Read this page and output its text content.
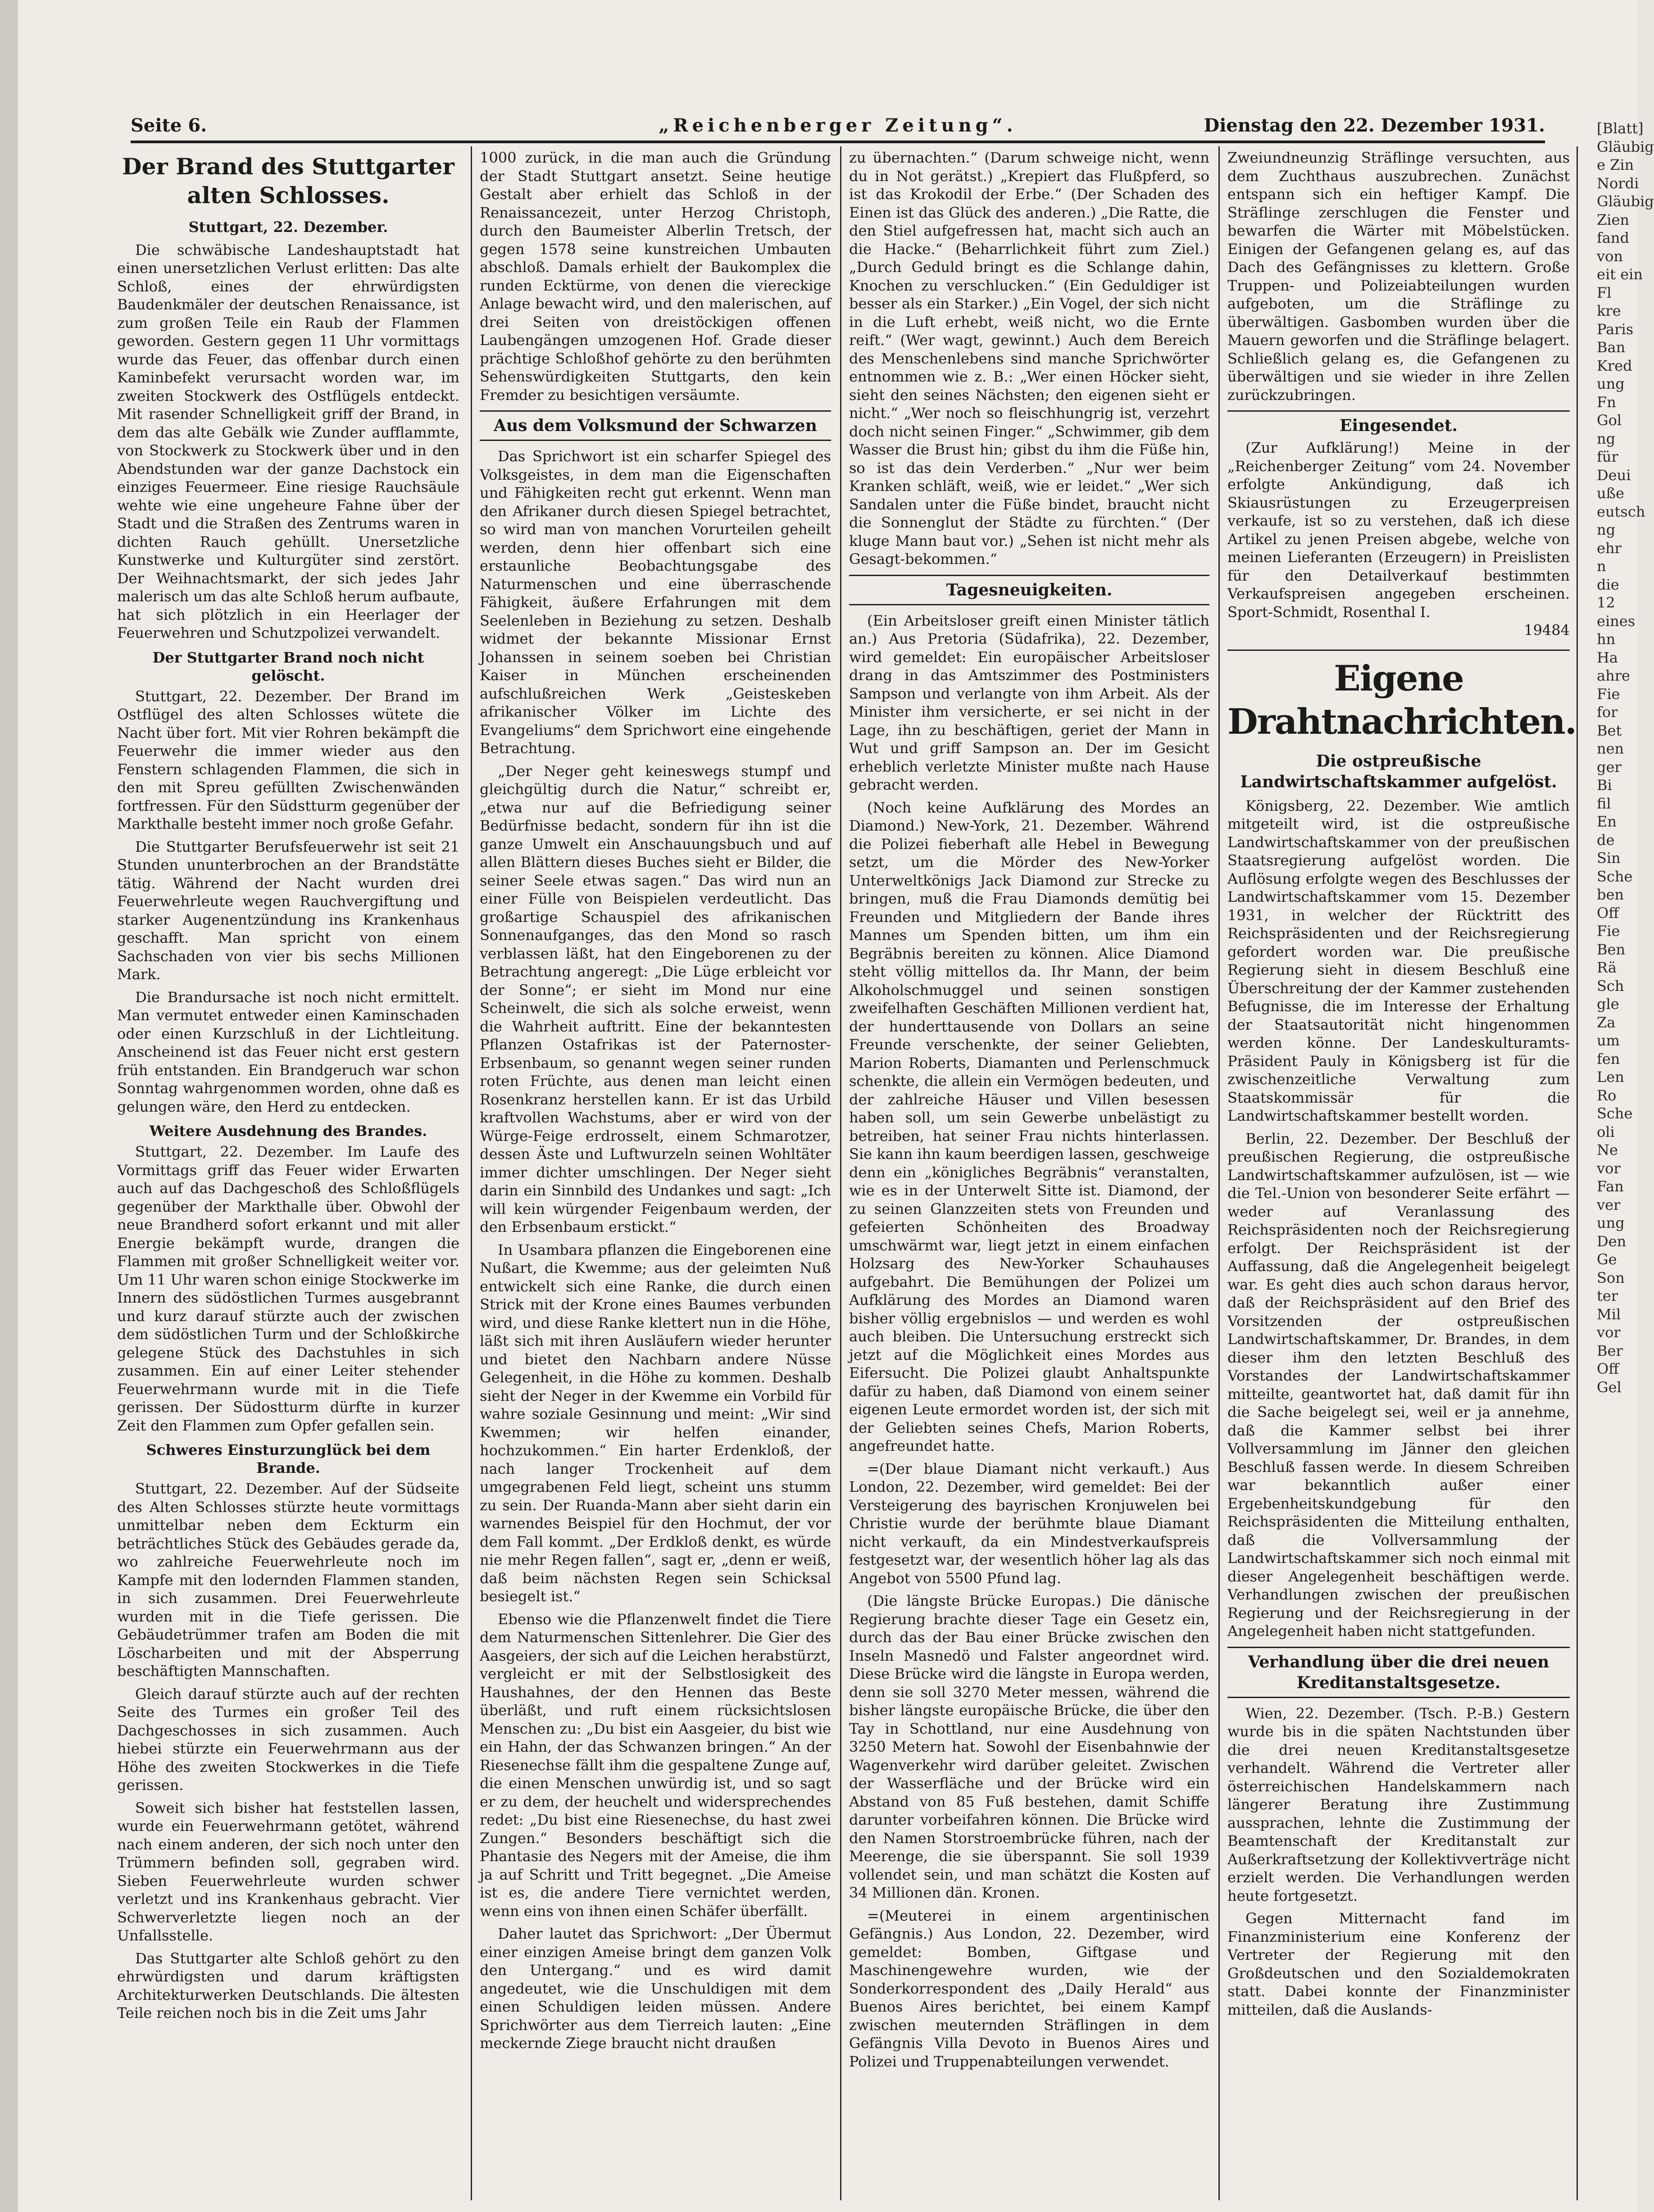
Seite 6.	„Reichenberger Zeitung“.	Dienstag den 22. Dezember 1931.
Der Brand des Stuttgarter alten Schlosses.

Stuttgart, 22. Dezember.

Die schwäbische Landeshauptstadt hat einen unersetzlichen Verlust erlitten: Das alte Schloß, eines der ehrwürdigsten Baudenkmäler der deutschen Renaissance, ist zum großen Teile ein Raub der Flammen geworden. Gestern gegen 11 Uhr vormittags wurde das Feuer, das offenbar durch einen Kaminbefekt verursacht worden war, im zweiten Stockwerk des Ostflügels entdeckt. Mit rasender Schnelligkeit griff der Brand, in dem das alte Gebälk wie Zunder aufflammte, von Stockwerk zu Stockwerk über und in den Abendstunden war der ganze Dachstock ein einziges Feuermeer. Eine riesige Rauchsäule wehte wie eine ungeheure Fahne über der Stadt und die Straßen des Zentrums waren in dichten Rauch gehüllt. Unersetzliche Kunstwerke und Kulturgüter sind zerstört. Der Weihnachtsmarkt, der sich jedes Jahr malerisch um das alte Schloß herum aufbaute, hat sich plötzlich in ein Heerlager der Feuerwehren und Schutzpolizei verwandelt.

Der Stuttgarter Brand noch nicht gelöscht.

Stuttgart, 22. Dezember. Der Brand im Ostflügel des alten Schlosses wütete die Nacht über fort. Mit vier Rohren bekämpft die Feuerwehr die immer wieder aus den Fenstern schlagenden Flammen, die sich in den mit Spreu gefüllten Zwischenwänden fortfressen. Für den Südstturm gegenüber der Markthalle besteht immer noch große Gefahr.

Die Stuttgarter Berufsfeuerwehr ist seit 21 Stunden ununterbrochen an der Brandstätte tätig. Während der Nacht wurden drei Feuerwehrleute wegen Rauchvergiftung und starker Augenentzündung ins Krankenhaus geschafft. Man spricht von einem Sachschaden von vier bis sechs Millionen Mark.

Die Brandursache ist noch nicht ermittelt. Man vermutet entweder einen Kaminschaden oder einen Kurzschluß in der Lichtleitung. Anscheinend ist das Feuer nicht erst gestern früh entstanden. Ein Brandgeruch war schon Sonntag wahrgenommen worden, ohne daß es gelungen wäre, den Herd zu entdecken.

Weitere Ausdehnung des Brandes.

Stuttgart, 22. Dezember. Im Laufe des Vormittags griff das Feuer wider Erwarten auch auf das Dachgeschoß des Schloßflügels gegenüber der Markthalle über. Obwohl der neue Brandherd sofort erkannt und mit aller Energie bekämpft wurde, drangen die Flammen mit großer Schnelligkeit weiter vor. Um 11 Uhr waren schon einige Stockwerke im Innern des südöstlichen Turmes ausgebrannt und kurz darauf stürzte auch der zwischen dem südöstlichen Turm und der Schloßkirche gelegene Stück des Dachstuhles in sich zusammen. Ein auf einer Leiter stehender Feuerwehrmann wurde mit in die Tiefe gerissen. Der Südostturm dürfte in kurzer Zeit den Flammen zum Opfer gefallen sein.

Schweres Einsturzunglück bei dem Brande.

Stuttgart, 22. Dezember. Auf der Südseite des Alten Schlosses stürzte heute vormittags unmittelbar neben dem Eckturm ein beträchtliches Stück des Gebäudes gerade da, wo zahlreiche Feuerwehrleute noch im Kampfe mit den lodernden Flammen standen, in sich zusammen. Drei Feuerwehrleute wurden mit in die Tiefe gerissen. Die Gebäudetrümmer trafen am Boden die mit Löscharbeiten und mit der Absperrung beschäftigten Mannschaften.

Gleich darauf stürzte auch auf der rechten Seite des Turmes ein großer Teil des Dachgeschosses in sich zusammen. Auch hiebei stürzte ein Feuerwehrmann aus der Höhe des zweiten Stockwerkes in die Tiefe gerissen.

Soweit sich bisher hat feststellen lassen, wurde ein Feuerwehrmann getötet, während nach einem anderen, der sich noch unter den Trümmern befinden soll, gegraben wird. Sieben Feuerwehrleute wurden schwer verletzt und ins Krankenhaus gebracht. Vier Schwerverletzte liegen noch an der Unfallsstelle.

Das Stuttgarter alte Schloß gehört zu den ehrwürdigsten und darum kräftigsten Architekturwerken Deutschlands. Die ältesten Teile reichen noch bis in die Zeit ums Jahr

1000 zurück, in die man auch die Gründung der Stadt Stuttgart ansetzt. Seine heutige Gestalt aber erhielt das Schloß in der Renaissancezeit, unter Herzog Christoph, durch den Baumeister Alberlin Tretsch, der gegen 1578 seine kunstreichen Umbauten abschloß. Damals erhielt der Baukomplex die runden Ecktürme, von denen die viereckige Anlage bewacht wird, und den malerischen, auf drei Seiten von dreistöckigen offenen Laubengängen umzogenen Hof. Grade dieser prächtige Schloßhof gehörte zu den berühmten Sehenswürdigkeiten Stuttgarts, den kein Fremder zu besichtigen versäumte.

Aus dem Volksmund der Schwarzen

Das Sprichwort ist ein scharfer Spiegel des Volksgeistes, in dem man die Eigenschaften und Fähigkeiten recht gut erkennt. Wenn man den Afrikaner durch diesen Spiegel betrachtet, so wird man von manchen Vorurteilen geheilt werden, denn hier offenbart sich eine erstaunliche Beobachtungsgabe des Naturmenschen und eine überraschende Fähigkeit, äußere Erfahrungen mit dem Seelenleben in Beziehung zu setzen. Deshalb widmet der bekannte Missionar Ernst Johanssen in seinem soeben bei Christian Kaiser in München erscheinenden aufschlußreichen Werk „Geisteskeben afrikanischer Völker im Lichte des Evangeliums“ dem Sprichwort eine eingehende Betrachtung.

„Der Neger geht keineswegs stumpf und gleichgültig durch die Natur,“ schreibt er, „etwa nur auf die Befriedigung seiner Bedürfnisse bedacht, sondern für ihn ist die ganze Umwelt ein Anschauungsbuch und auf allen Blättern dieses Buches sieht er Bilder, die seiner Seele etwas sagen.“ Das wird nun an einer Fülle von Beispielen verdeutlicht. Das großartige Schauspiel des afrikanischen Sonnenaufganges, das den Mond so rasch verblassen läßt, hat den Eingeborenen zu der Betrachtung angeregt: „Die Lüge erbleicht vor der Sonne“; er sieht im Mond nur eine Scheinwelt, die sich als solche erweist, wenn die Wahrheit auftritt. Eine der bekanntesten Pflanzen Ostafrikas ist der Paternoster-Erbsenbaum, so genannt wegen seiner runden roten Früchte, aus denen man leicht einen Rosenkranz herstellen kann. Er ist das Urbild kraftvollen Wachstums, aber er wird von der Würge-Feige erdrosselt, einem Schmarotzer, dessen Äste und Luftwurzeln seinen Wohltäter immer dichter umschlingen. Der Neger sieht darin ein Sinnbild des Undankes und sagt: „Ich will kein würgender Feigenbaum werden, der den Erbsenbaum erstickt.“

In Usambara pflanzen die Eingeborenen eine Nußart, die Kwemme; aus der geleimten Nuß entwickelt sich eine Ranke, die durch einen Strick mit der Krone eines Baumes verbunden wird, und diese Ranke klettert nun in die Höhe, läßt sich mit ihren Ausläufern wieder herunter und bietet den Nachbarn andere Nüsse Gelegenheit, in die Höhe zu kommen. Deshalb sieht der Neger in der Kwemme ein Vorbild für wahre soziale Gesinnung und meint: „Wir sind Kwemmen; wir helfen einander, hochzukommen.“ Ein harter Erdenkloß, der nach langer Trockenheit auf dem umgegrabenen Feld liegt, scheint uns stumm zu sein. Der Ruanda-Mann aber sieht darin ein warnendes Beispiel für den Hochmut, der vor dem Fall kommt. „Der Erdkloß denkt, es würde nie mehr Regen fallen“, sagt er, „denn er weiß, daß beim nächsten Regen sein Schicksal besiegelt ist.“

Ebenso wie die Pflanzenwelt findet die Tiere dem Naturmenschen Sittenlehrer. Die Gier des Aasgeiers, der sich auf die Leichen herabstürzt, vergleicht er mit der Selbstlosigkeit des Haushahnes, der den Hennen das Beste überläßt, und ruft einem rücksichtslosen Menschen zu: „Du bist ein Aasgeier, du bist wie ein Hahn, der das Schwanzen bringen.“ An der Riesenechse fällt ihm die gespaltene Zunge auf, die einen Menschen unwürdig ist, und so sagt er zu dem, der heuchelt und widersprechendes redet: „Du bist eine Riesenechse, du hast zwei Zungen.“ Besonders beschäftigt sich die Phantasie des Negers mit der Ameise, die ihm ja auf Schritt und Tritt begegnet. „Die Ameise ist es, die andere Tiere vernichtet werden, wenn eins von ihnen einen Schäfer überfällt.

Daher lautet das Sprichwort: „Der Übermut einer einzigen Ameise bringt dem ganzen Volk den Untergang.“ und es wird damit angedeutet, wie die Unschuldigen mit dem einen Schuldigen leiden müssen. Andere Sprichwörter aus dem Tierreich lauten: „Eine meckernde Ziege braucht nicht draußen

zu übernachten.“ (Darum schweige nicht, wenn du in Not gerätst.) „Krepiert das Flußpferd, so ist das Krokodil der Erbe.“ (Der Schaden des Einen ist das Glück des anderen.) „Die Ratte, die den Stiel aufgefressen hat, macht sich auch an die Hacke.“ (Beharrlichkeit führt zum Ziel.) „Durch Geduld bringt es die Schlange dahin, Knochen zu verschlucken.“ (Ein Geduldiger ist besser als ein Starker.) „Ein Vogel, der sich nicht in die Luft erhebt, weiß nicht, wo die Ernte reift.“ (Wer wagt, gewinnt.) Auch dem Bereich des Menschenlebens sind manche Sprichwörter entnommen wie z. B.: „Wer einen Höcker sieht, sieht den seines Nächsten; den eigenen sieht er nicht.“ „Wer noch so fleischhungrig ist, verzehrt doch nicht seinen Finger.“ „Schwimmer, gib dem Wasser die Brust hin; gibst du ihm die Füße hin, so ist das dein Verderben.“ „Nur wer beim Kranken schläft, weiß, wie er leidet.“ „Wer sich Sandalen unter die Füße bindet, braucht nicht die Sonnenglut der Städte zu fürchten.“ (Der kluge Mann baut vor.) „Sehen ist nicht mehr als Gesagt-bekommen.“

Tagesneuigkeiten.

(Ein Arbeitsloser greift einen Minister tätlich an.) Aus Pretoria (Südafrika), 22. Dezember, wird gemeldet: Ein europäischer Arbeitsloser drang in das Amtszimmer des Postministers Sampson und verlangte von ihm Arbeit. Als der Minister ihm versicherte, er sei nicht in der Lage, ihn zu beschäftigen, geriet der Mann in Wut und griff Sampson an. Der im Gesicht erheblich verletzte Minister mußte nach Hause gebracht werden.

(Noch keine Aufklärung des Mordes an Diamond.) New-York, 21. Dezember. Während die Polizei fieberhaft alle Hebel in Bewegung setzt, um die Mörder des New-Yorker Unterweltkönigs Jack Diamond zur Strecke zu bringen, muß die Frau Diamonds demütig bei Freunden und Mitgliedern der Bande ihres Mannes um Spenden bitten, um ihm ein Begräbnis bereiten zu können. Alice Diamond steht völlig mittellos da. Ihr Mann, der beim Alkoholschmuggel und seinen sonstigen zweifelhaften Geschäften Millionen verdient hat, der hunderttausende von Dollars an seine Freunde verschenkte, der seiner Geliebten, Marion Roberts, Diamanten und Perlenschmuck schenkte, die allein ein Vermögen bedeuten, und der zahlreiche Häuser und Villen besessen haben soll, um sein Gewerbe unbelästigt zu betreiben, hat seiner Frau nichts hinterlassen. Sie kann ihn kaum beerdigen lassen, geschweige denn ein „königliches Begräbnis“ veranstalten, wie es in der Unterwelt Sitte ist. Diamond, der zu seinen Glanzzeiten stets von Freunden und gefeierten Schönheiten des Broadway umschwärmt war, liegt jetzt in einem einfachen Holzsarg des New-Yorker Schauhauses aufgebahrt. Die Bemühungen der Polizei um Aufklärung des Mordes an Diamond waren bisher völlig ergebnislos — und werden es wohl auch bleiben. Die Untersuchung erstreckt sich jetzt auf die Möglichkeit eines Mordes aus Eifersucht. Die Polizei glaubt Anhaltspunkte dafür zu haben, daß Diamond von einem seiner eigenen Leute ermordet worden ist, der sich mit der Geliebten seines Chefs, Marion Roberts, angefreundet hatte.

=(Der blaue Diamant nicht verkauft.) Aus London, 22. Dezember, wird gemeldet: Bei der Versteigerung des bayrischen Kronjuwelen bei Christie wurde der berühmte blaue Diamant nicht verkauft, da ein Mindestverkaufspreis festgesetzt war, der wesentlich höher lag als das Angebot von 5500 Pfund lag.

(Die längste Brücke Europas.) Die dänische Regierung brachte dieser Tage ein Gesetz ein, durch das der Bau einer Brücke zwischen den Inseln Masnedö und Falster angeordnet wird. Diese Brücke wird die längste in Europa werden, denn sie soll 3270 Meter messen, während die bisher längste europäische Brücke, die über den Tay in Schottland, nur eine Ausdehnung von 3250 Metern hat. Sowohl der Eisenbahnwie der Wagenverkehr wird darüber geleitet. Zwischen der Wasserfläche und der Brücke wird ein Abstand von 85 Fuß bestehen, damit Schiffe darunter vorbeifahren können. Die Brücke wird den Namen Storstroembrücke führen, nach der Meerenge, die sie überspannt. Sie soll 1939 vollendet sein, und man schätzt die Kosten auf 34 Millionen dän. Kronen.

=(Meuterei in einem argentinischen Gefängnis.) Aus London, 22. Dezember, wird gemeldet: Bomben, Giftgase und Maschinengewehre wurden, wie der Sonderkorrespondent des „Daily Herald“ aus Buenos Aires berichtet, bei einem Kampf zwischen meuternden Sträflingen in dem Gefängnis Villa Devoto in Buenos Aires und Polizei und Truppenabteilungen verwendet.

Zweiundneunzig Sträflinge versuchten, aus dem Zuchthaus auszubrechen. Zunächst entspann sich ein heftiger Kampf. Die Sträflinge zerschlugen die Fenster und bewarfen die Wärter mit Möbelstücken. Einigen der Gefangenen gelang es, auf das Dach des Gefängnisses zu klettern. Große Truppen- und Polizeiabteilungen wurden aufgeboten, um die Sträflinge zu überwältigen. Gasbomben wurden über die Mauern geworfen und die Sträflinge belagert. Schließlich gelang es, die Gefangenen zu überwältigen und sie wieder in ihre Zellen zurückzubringen.

Eingesendet.

(Zur Aufklärung!) Meine in der „Reichenberger Zeitung“ vom 24. November erfolgte Ankündigung, daß ich Skiausrüstungen zu Erzeugerpreisen verkaufe, ist so zu verstehen, daß ich diese Artikel zu jenen Preisen abgebe, welche von meinen Lieferanten (Erzeugern) in Preislisten für den Detailverkauf bestimmten Verkaufspreisen angegeben erscheinen. Sport-Schmidt, Rosenthal I.

19484
Eigene Drahtnachrichten.
Die ostpreußische Landwirtschaftskammer aufgelöst.

Königsberg, 22. Dezember. Wie amtlich mitgeteilt wird, ist die ostpreußische Landwirtschaftskammer von der preußischen Staatsregierung aufgelöst worden. Die Auflösung erfolgte wegen des Beschlusses der Landwirtschaftskammer vom 15. Dezember 1931, in welcher der Rücktritt des Reichspräsidenten und der Reichsregierung gefordert worden war. Die preußische Regierung sieht in diesem Beschluß eine Überschreitung der der Kammer zustehenden Befugnisse, die im Interesse der Erhaltung der Staatsautorität nicht hingenommen werden könne. Der Landeskulturamts-Präsident Pauly in Königsberg ist für die zwischenzeitliche Verwaltung zum Staatskommissär für die Landwirtschaftskammer bestellt worden.

Berlin, 22. Dezember. Der Beschluß der preußischen Regierung, die ostpreußische Landwirtschaftskammer aufzulösen, ist — wie die Tel.-Union von besonderer Seite erfährt — weder auf Veranlassung des Reichspräsidenten noch der Reichsregierung erfolgt. Der Reichspräsident ist der Auffassung, daß die Angelegenheit beigelegt war. Es geht dies auch schon daraus hervor, daß der Reichspräsident auf den Brief des Vorsitzenden der ostpreußischen Landwirtschaftskammer, Dr. Brandes, in dem dieser ihm den letzten Beschluß des Vorstandes der Landwirtschaftskammer mitteilte, geantwortet hat, daß damit für ihn die Sache beigelegt sei, weil er ja annehme, daß die Kammer selbst bei ihrer Vollversammlung im Jänner den gleichen Beschluß fassen werde. In diesem Schreiben war bekanntlich außer einer Ergebenheitskundgebung für den Reichspräsidenten die Mitteilung enthalten, daß die Vollversammlung der Landwirtschaftskammer sich noch einmal mit dieser Angelegenheit beschäftigen werde. Verhandlungen zwischen der preußischen Regierung und der Reichsregierung in der Angelegenheit haben nicht stattgefunden.

Verhandlung über die drei neuen Kreditanstaltsgesetze.

Wien, 22. Dezember. (Tsch. P.-B.) Gestern wurde bis in die späten Nachtstunden über die drei neuen Kreditanstaltsgesetze verhandelt. Während die Vertreter aller österreichischen Handelskammern nach längerer Beratung ihre Zustimmung aussprachen, lehnte die Zustimmung der Beamtenschaft der Kreditanstalt zur Außerkraftsetzung der Kollektivverträge nicht erzielt werden. Die Verhandlungen werden heute fortgesetzt.

Gegen Mitternacht fand im Finanzministerium eine Konferenz der Vertreter der Regierung mit den Großdeutschen und den Sozialdemokraten statt. Dabei konnte der Finanzminister mitteilen, daß die Auslands-

[Blatt]
Gläubig
e Zin
Nordi
Gläubig
Zien
fand
von
eit ein
Fl
kre
Paris
Ban
Kred
ung
Fn
Gol
ng
für
Deui
uße
eutsch
ng
ehr
n
die
12
eines
hn
Ha
ahre
Fie
for
Bet
nen
ger
Bi
fil
En
de
Sin
Sche
ben
Off
Fie
Ben
Rä
Sch
gle
Za
um
fen
Len
Ro
Sche
oli
Ne
vor
Fan
ver
ung
Den
Ge
Son
ter
Mil
vor
Ber
Off
Gel
